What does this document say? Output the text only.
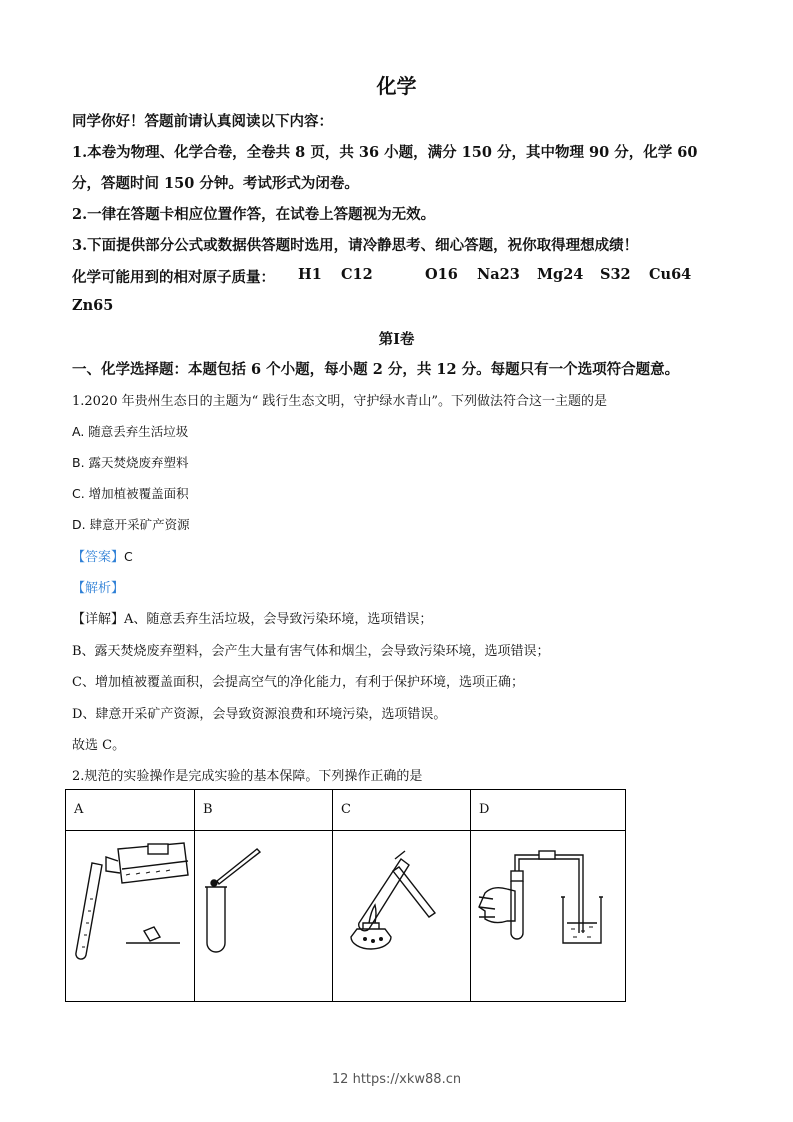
化学
同学你好！答题前请认真阅读以下内容：
1.本卷为物理、化学合卷，全卷共 8 页，共 36 小题，满分 150 分，其中物理 90 分，化学 60
分，答题时间 150 分钟。考试形式为闭卷。
2.一律在答题卡相应位置作答，在试卷上答题视为无效。
3.下面提供部分公式或数据供答题时选用，请冷静思考、细心答题，祝你取得理想成绩！
化学可能用到的相对原子质量： H1 C12	O16 Na23 Mg24 S32 Cu64
Zn65
第Ⅰ卷
一、化学选择题：本题包括 6 个小题，每小题 2 分，共 12 分。每题只有一个选项符合题意。
1.2020 年贵州生态日的主题为“ 践行生态文明，守护绿水青山”。下列做法符合这一主题的是
A. 随意丢弃生活垃圾
B. 露天焚烧废弃塑料
C. 增加植被覆盖面积
D. 肆意开采矿产资源
【答案】C
【解析】
【详解】A、随意丢弃生活垃圾，会导致污染环境，选项错误；
B、露天焚烧废弃塑料，会产生大量有害气体和烟尘，会导致污染环境，选项错误；
C、增加植被覆盖面积，会提高空气的净化能力，有利于保护环境，选项正确；
D、肆意开采矿产资源，会导致资源浪费和环境污染，选项错误。
故选 C。
2.规范的实验操作是完成实验的基本保障。下列操作正确的是
A	B	C	D

12 https://xkw88.cn
